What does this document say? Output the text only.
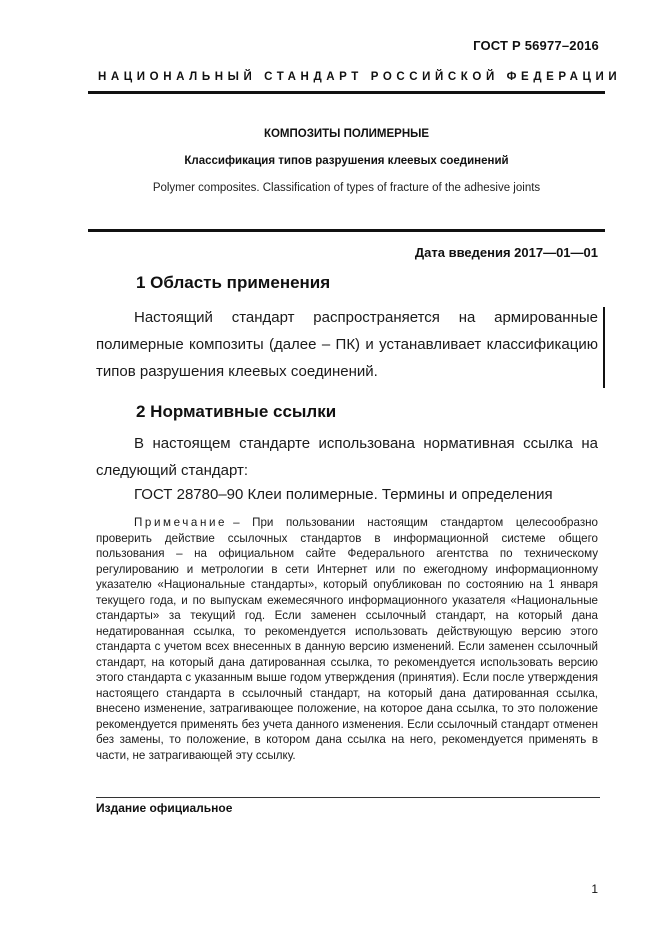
ГОСТ Р 56977–2016
НАЦИОНАЛЬНЫЙ СТАНДАРТ РОССИЙСКОЙ ФЕДЕРАЦИИ
КОМПОЗИТЫ ПОЛИМЕРНЫЕ
Классификация типов разрушения клеевых соединений
Polymer composites. Classification of types of fracture of the adhesive joints
Дата введения 2017—01—01
1 Область применения
Настоящий стандарт распространяется на армированные полимерные композиты (далее – ПК) и устанавливает классификацию типов разрушения клеевых соединений.
2 Нормативные ссылки
В настоящем стандарте использована нормативная ссылка на следующий стандарт:
ГОСТ 28780–90 Клеи полимерные. Термины и определения
Примечание – При пользовании настоящим стандартом целесообразно проверить действие ссылочных стандартов в информационной системе общего пользования – на официальном сайте Федерального агентства по техническому регулированию и метрологии в сети Интернет или по ежегодному информационному указателю «Национальные стандарты», который опубликован по состоянию на 1 января текущего года, и по выпускам ежемесячного информационного указателя «Национальные стандарты» за текущий год. Если заменен ссылочный стандарт, на который дана недатированная ссылка, то рекомендуется использовать действующую версию этого стандарта с учетом всех внесенных в данную версию изменений. Если заменен ссылочный стандарт, на который дана датированная ссылка, то рекомендуется использовать версию этого стандарта с указанным выше годом утверждения (принятия). Если после утверждения настоящего стандарта в ссылочный стандарт, на который дана датированная ссылка, внесено изменение, затрагивающее положение, на которое дана ссылка, то это положение рекомендуется применять без учета данного изменения. Если ссылочный стандарт отменен без замены, то положение, в котором дана ссылка на него, рекомендуется применять в части, не затрагивающей эту ссылку.
Издание официальное
1
